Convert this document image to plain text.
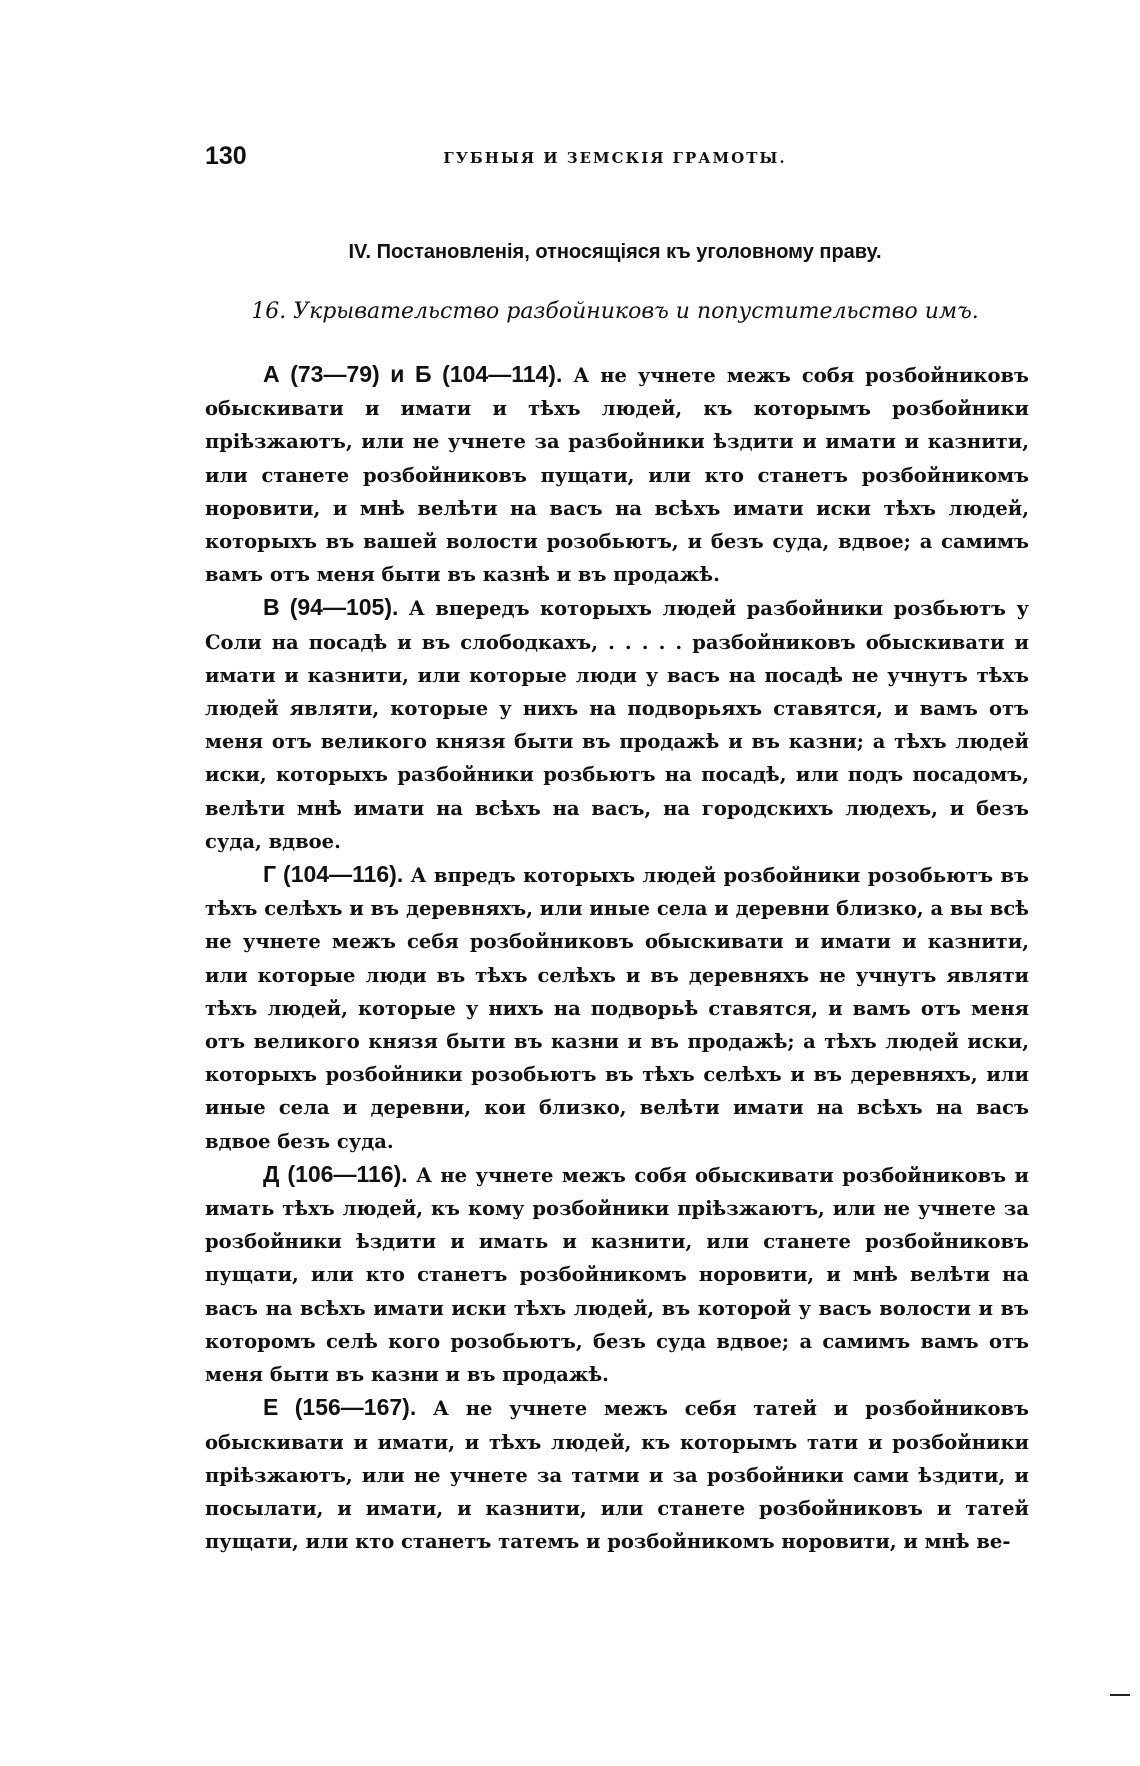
130	ГУБНЫЯ И ЗЕМСКІЯ ГРАМОТЫ.
IV. Постановленія, относящіяся къ уголовному праву.
16. Укрывательство разбойниковъ и попустительство имъ.

А (73—79) и Б (104—114). А не учнете межъ собя розбойниковъ обыскивати и имати и тѣхъ людей, къ которымъ розбойники пріѣзжаютъ, или не учнете за разбойники ѣздити и имати и казнити, или станете розбойниковъ пущати, или кто станетъ розбойникомъ норовити, и мнѣ велѣти на васъ на всѣхъ имати иски тѣхъ людей, которыхъ въ вашей волости розобьютъ, и безъ суда, вдвое; а самимъ вамъ отъ меня быти въ казнѣ и въ продажѣ.

В (94—105). А впередъ которыхъ людей разбойники розбьютъ у Соли на посадѣ и въ слободкахъ, . . . . . разбойниковъ обыскивати и имати и казнити, или которые люди у васъ на посадѣ не учнутъ тѣхъ людей являти, которые у нихъ на подворьяхъ ставятся, и вамъ отъ меня отъ великого князя быти въ продажѣ и въ казни; а тѣхъ людей иски, которыхъ разбойники розбьютъ на посадѣ, или подъ посадомъ, велѣти мнѣ имати на всѣхъ на васъ, на городскихъ людехъ, и безъ суда, вдвое.

Г (104—116). А впредъ которыхъ людей розбойники розобьютъ въ тѣхъ селѣхъ и въ деревняхъ, или иные села и деревни близко, а вы всѣ не учнете межъ себя розбойниковъ обыскивати и имати и казнити, или которые люди въ тѣхъ селѣхъ и въ деревняхъ не учнутъ являти тѣхъ людей, которые у нихъ на подворьѣ ставятся, и вамъ отъ меня отъ великого князя быти въ казни и въ продажѣ; а тѣхъ людей иски, которыхъ розбойники розобьютъ въ тѣхъ селѣхъ и въ деревняхъ, или иные села и деревни, кои близко, велѣти имати на всѣхъ на васъ вдвое безъ суда.

Д (106—116). А не учнете межъ собя обыскивати розбойниковъ и имать тѣхъ людей, къ кому розбойники пріѣзжаютъ, или не учнете за розбойники ѣздити и имать и казнити, или станете розбойниковъ пущати, или кто станетъ розбойникомъ норовити, и мнѣ велѣти на васъ на всѣхъ имати иски тѣхъ людей, въ которой у васъ волости и въ которомъ селѣ кого розобьютъ, безъ суда вдвое; а самимъ вамъ отъ меня быти въ казни и въ продажѣ.

Е (156—167). А не учнете межъ себя татей и розбойниковъ обыскивати и имати, и тѣхъ людей, къ которымъ тати и розбойники пріѣзжаютъ, или не учнете за татми и за розбойники сами ѣздити, и посылати, и имати, и казнити, или станете розбойниковъ и татей пущати, или кто станетъ татемъ и розбойникомъ норовити, и мнѣ ве-
